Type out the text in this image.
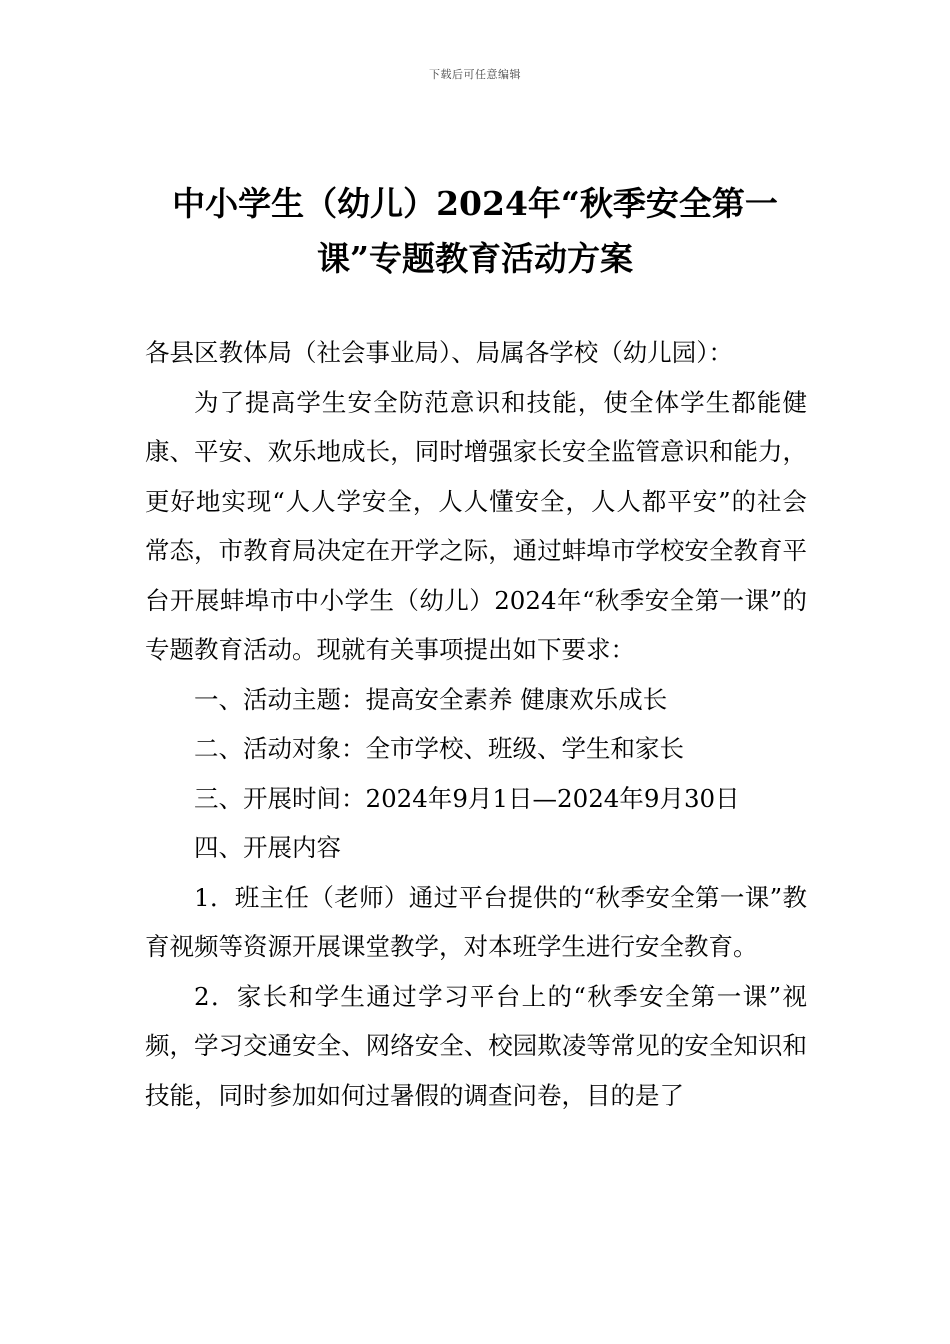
下载后可任意编辑
中小学生（幼儿）2024年“秋季安全第一
课”专题教育活动方案

各县区教体局（社会事业局）、局属各学校（幼儿园）：

为了提高学生安全防范意识和技能，使全体学生都能健康、平安、欢乐地成长，同时增强家长安全监管意识和能力，更好地实现“人人学安全，人人懂安全，人人都平安”的社会常态，市教育局决定在开学之际，通过蚌埠市学校安全教育平台开展蚌埠市中小学生（幼儿）2024年“秋季安全第一课”的专题教育活动。现就有关事项提出如下要求：

一、活动主题：提高安全素养 健康欢乐成长

二、活动对象：全市学校、班级、学生和家长

三、开展时间：2024年9月1日—2024年9月30日

四、开展内容

1．班主任（老师）通过平台提供的“秋季安全第一课”教育视频等资源开展课堂教学，对本班学生进行安全教育。

2．家长和学生通过学习平台上的“秋季安全第一课”视频，学习交通安全、网络安全、校园欺凌等常见的安全知识和技能，同时参加如何过暑假的调查问卷，目的是了
